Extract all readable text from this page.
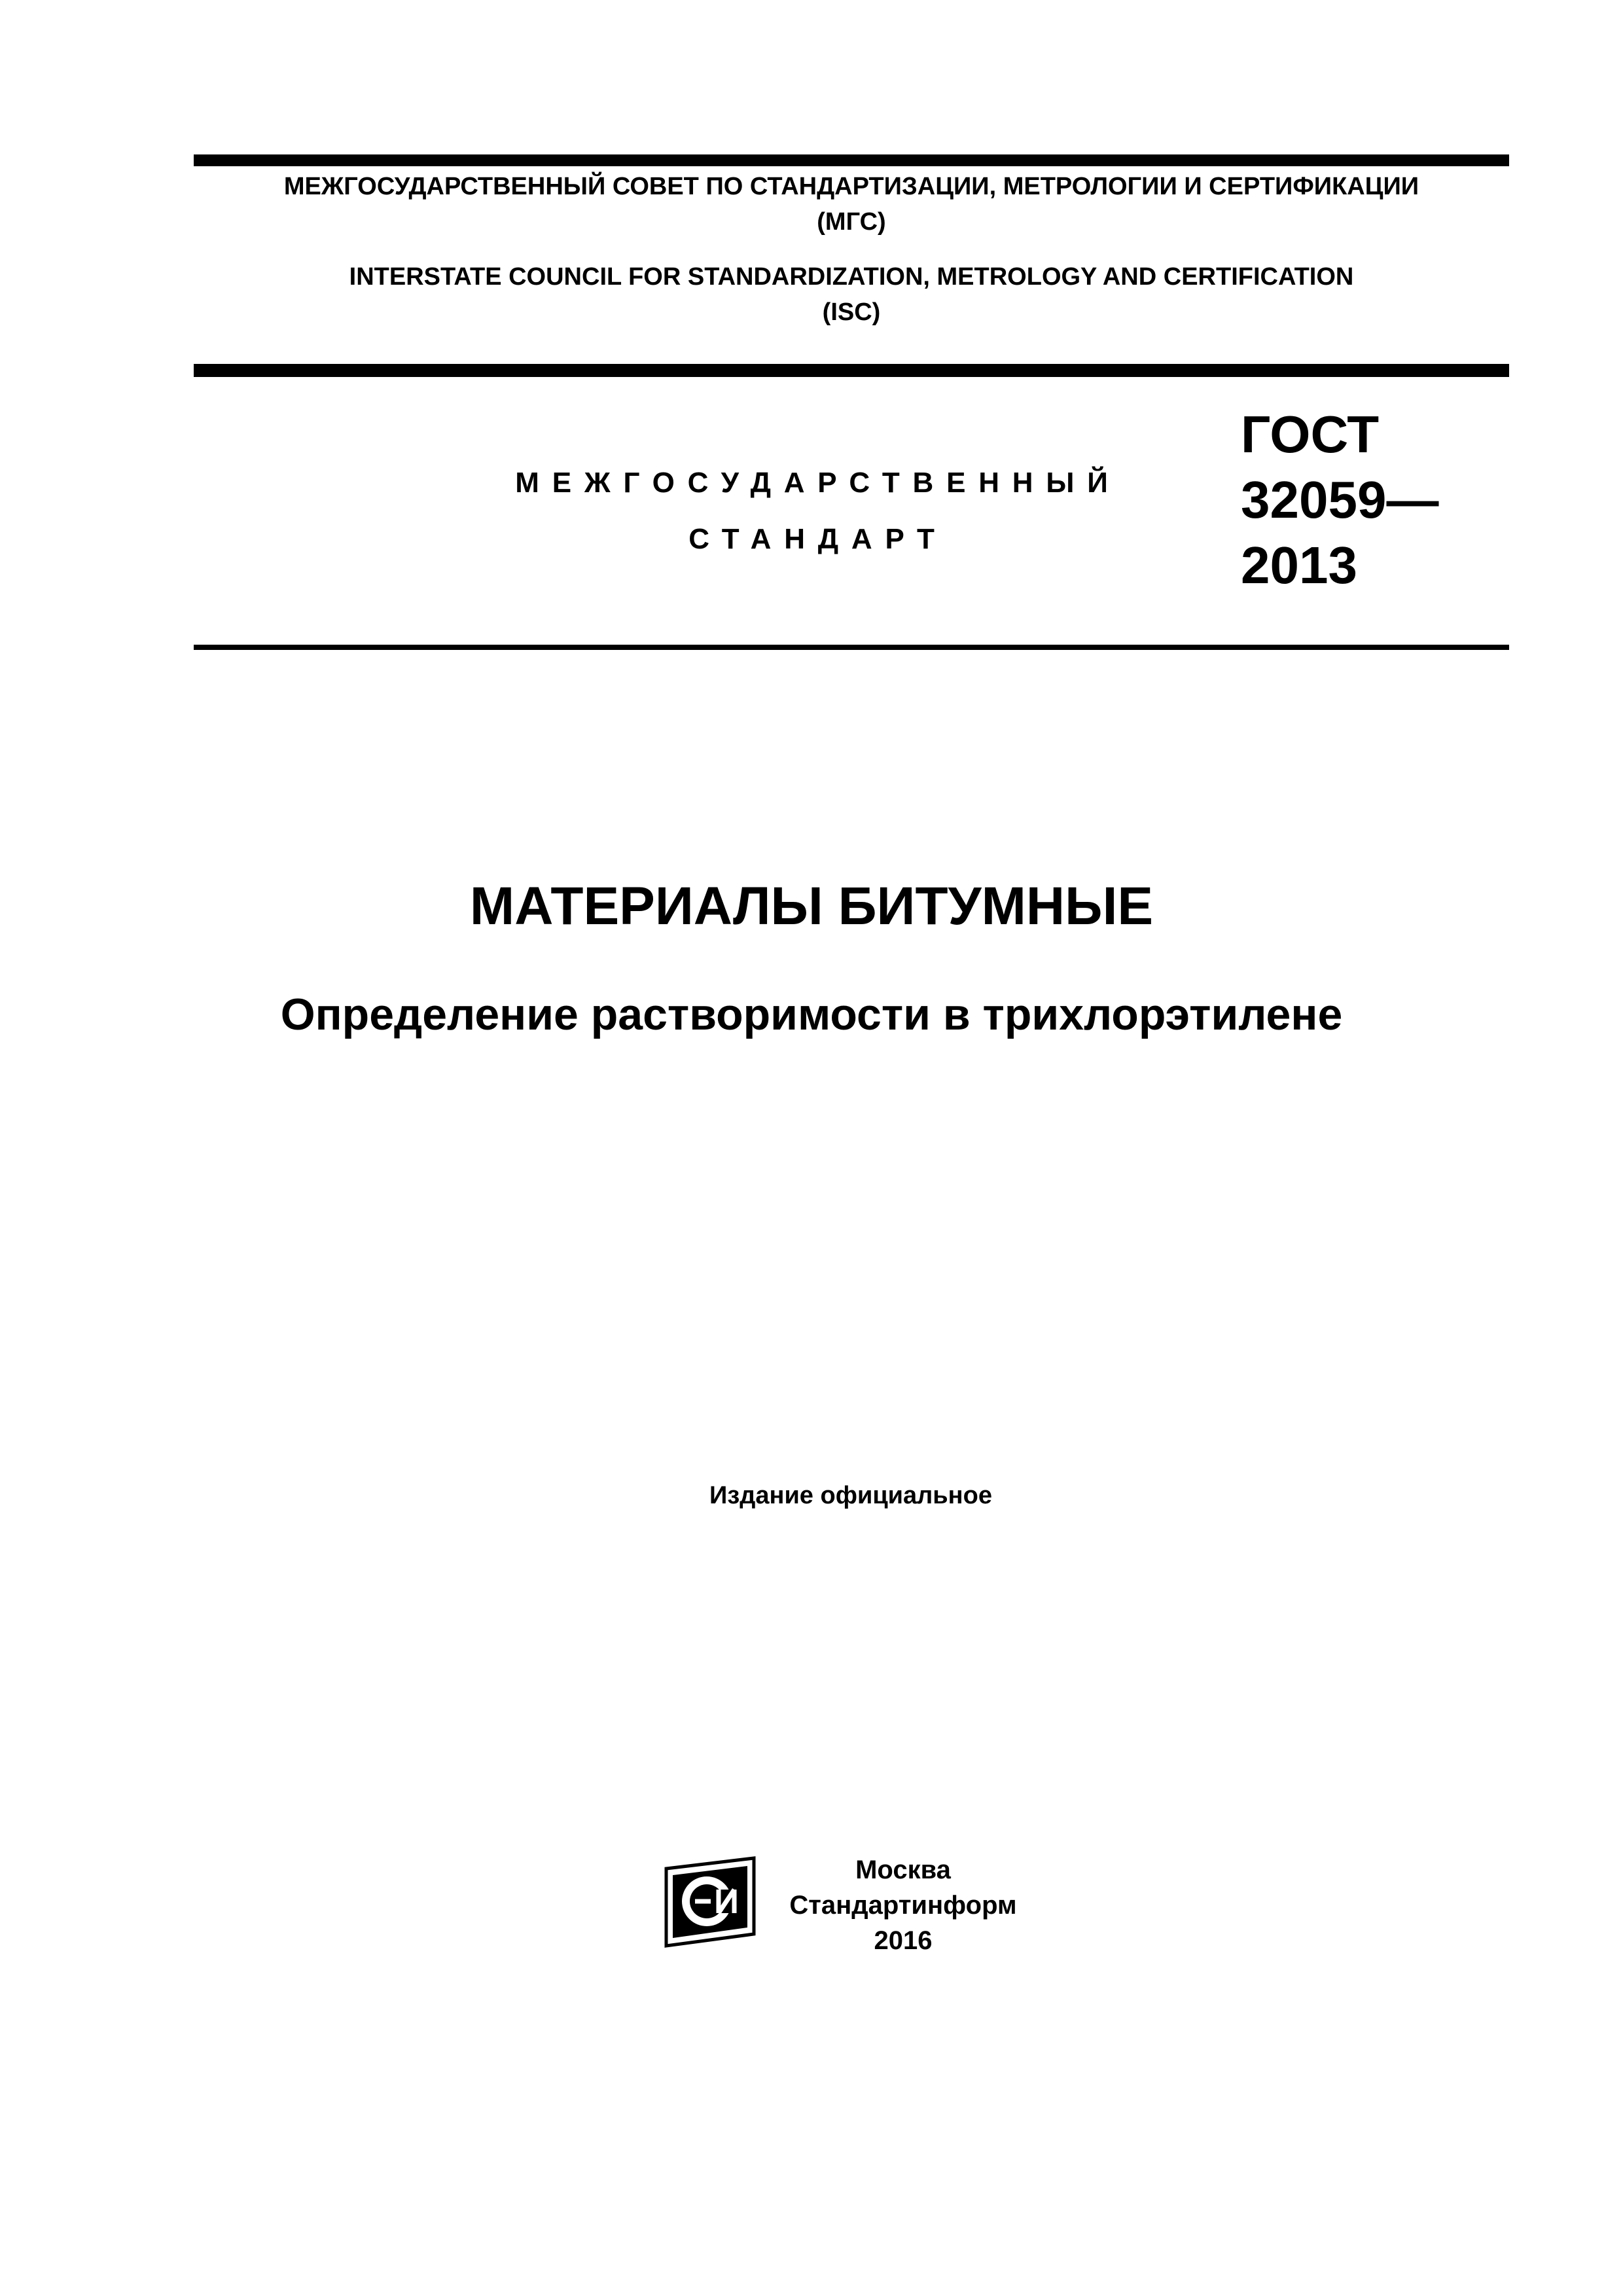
МЕЖГОСУДАРСТВЕННЫЙ СОВЕТ ПО СТАНДАРТИЗАЦИИ, МЕТРОЛОГИИ И СЕРТИФИКАЦИИ
(МГС)
INTERSTATE COUNCIL FOR STANDARDIZATION, METROLOGY AND CERTIFICATION
(ISC)
МЕЖГОСУДАРСТВЕННЫЙ
СТАНДАРТ
ГОСТ
32059—
2013
МАТЕРИАЛЫ БИТУМНЫЕ
Определение растворимости в трихлорэтилене
Издание официальное
Москва
Стандартинформ
2016
